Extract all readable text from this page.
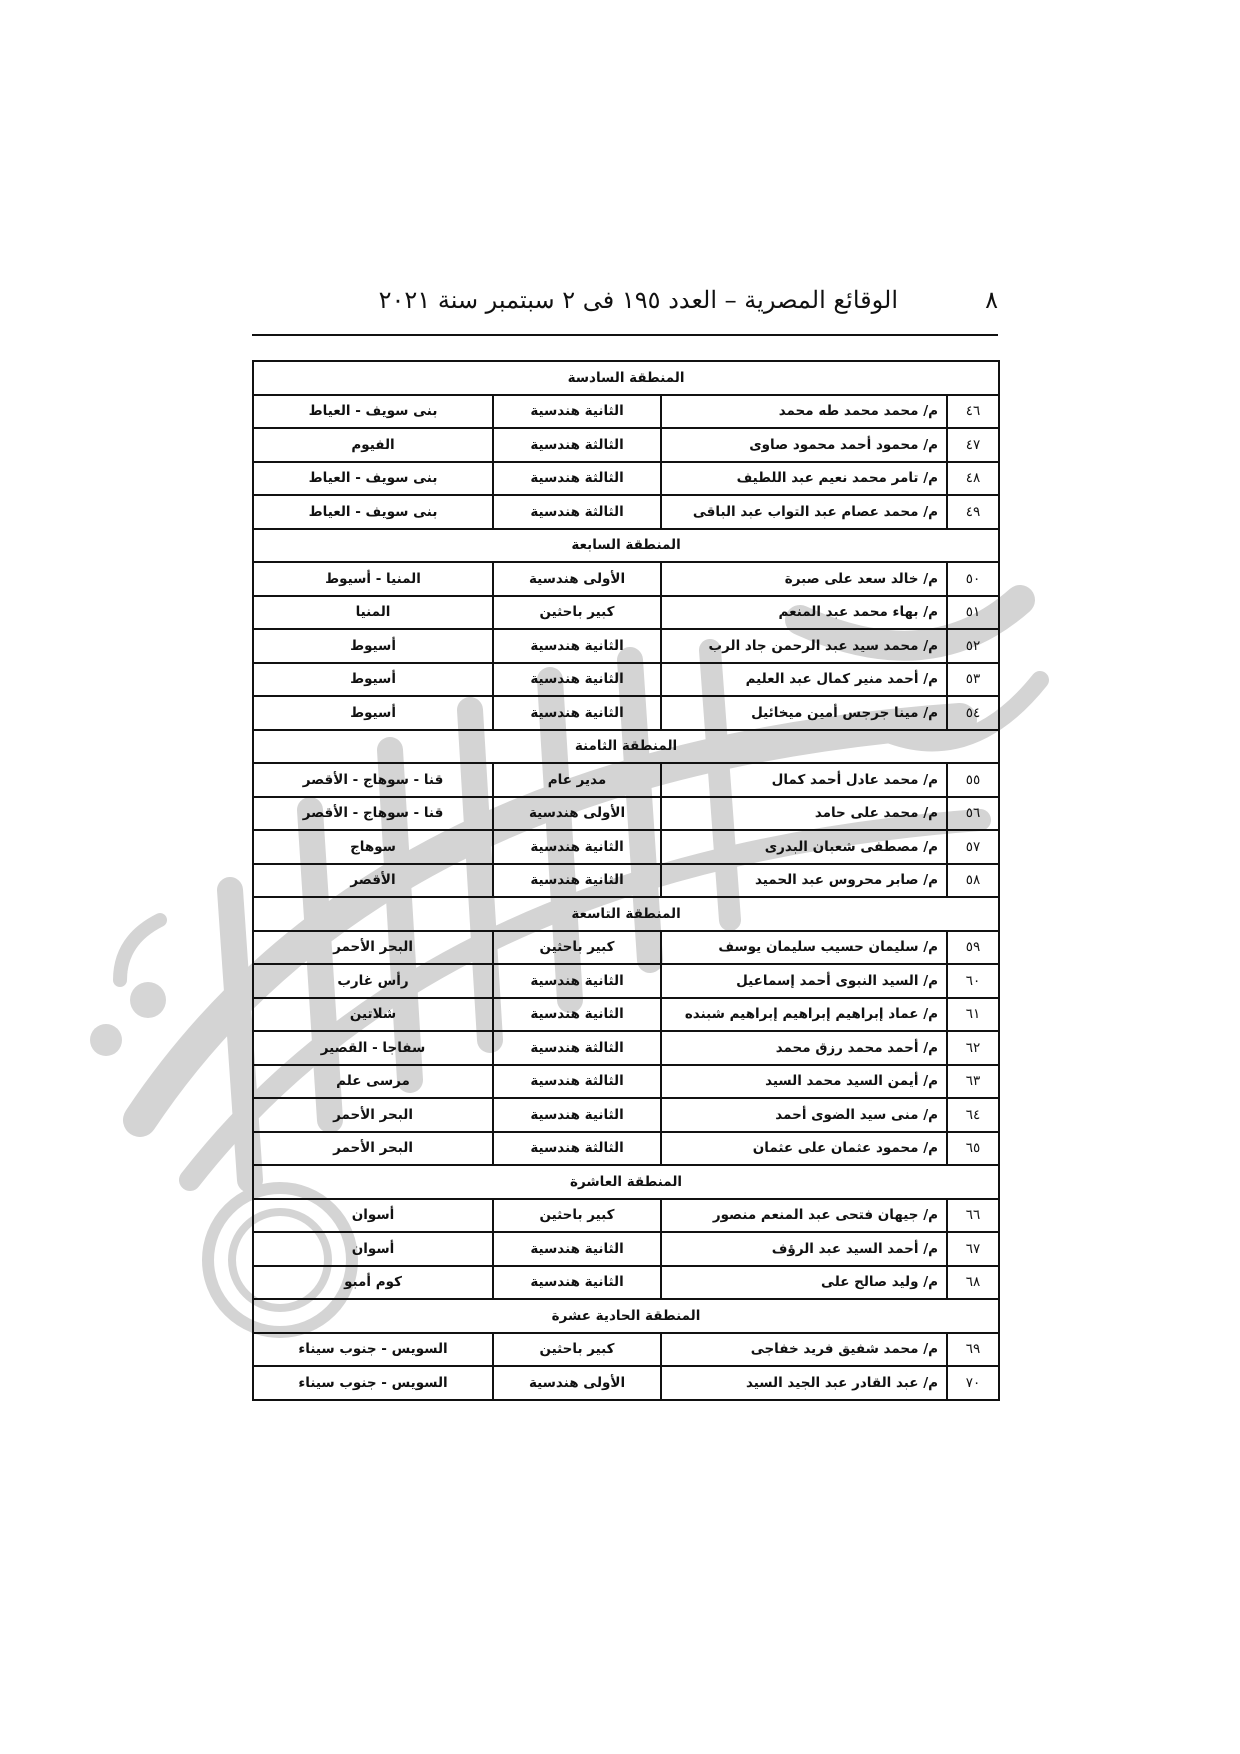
٨
الوقائع المصرية – العدد ١٩٥ فى ٢ سبتمبر سنة ٢٠٢١
المنطقة السادسة			
٤٦	م/ محمد محمد طه محمد	الثانية هندسية	بنى سويف - العياط
٤٧	م/ محمود أحمد محمود صاوى	الثالثة هندسية	الفيوم
٤٨	م/ تامر محمد نعيم عبد اللطيف	الثالثة هندسية	بنى سويف - العياط
٤٩	م/ محمد عصام عبد التواب عبد الباقى	الثالثة هندسية	بنى سويف - العياط
المنطقة السابعة			
٥٠	م/ خالد سعد على صبرة	الأولى هندسية	المنيا - أسيوط
٥١	م/ بهاء محمد عبد المنعم	كبير باحثين	المنيا
٥٢	م/ محمد سيد عبد الرحمن جاد الرب	الثانية هندسية	أسيوط
٥٣	م/ أحمد منير كمال عبد العليم	الثانية هندسية	أسيوط
٥٤	م/ مينا جرجس أمين ميخائيل	الثانية هندسية	أسيوط
المنطقة الثامنة			
٥٥	م/ محمد عادل أحمد كمال	مدير عام	قنا - سوهاج - الأقصر
٥٦	م/ محمد على حامد	الأولى هندسية	قنا - سوهاج - الأقصر
٥٧	م/ مصطفى شعبان البدرى	الثانية هندسية	سوهاج
٥٨	م/ صابر محروس عبد الحميد	الثانية هندسية	الأقصر
المنطقة التاسعة			
٥٩	م/ سليمان حسيب سليمان يوسف	كبير باحثين	البحر الأحمر
٦٠	م/ السيد النبوى أحمد إسماعيل	الثانية هندسية	رأس غارب
٦١	م/ عماد إبراهيم إبراهيم إبراهيم شبنده	الثانية هندسية	شلاتين
٦٢	م/ أحمد محمد رزق محمد	الثالثة هندسية	سفاجا - القصير
٦٣	م/ أيمن السيد محمد السيد	الثالثة هندسية	مرسى علم
٦٤	م/ منى سيد الضوى أحمد	الثانية هندسية	البحر الأحمر
٦٥	م/ محمود عثمان على عثمان	الثالثة هندسية	البحر الأحمر
المنطقة العاشرة			
٦٦	م/ جيهان فتحى عبد المنعم منصور	كبير باحثين	أسوان
٦٧	م/ أحمد السيد عبد الرؤف	الثانية هندسية	أسوان
٦٨	م/ وليد صالح على	الثانية هندسية	كوم أمبو
المنطقة الحادية عشرة			
٦٩	م/ محمد شفيق فريد خفاجى	كبير باحثين	السويس - جنوب سيناء
٧٠	م/ عبد القادر عبد الجيد السيد	الأولى هندسية	السويس - جنوب سيناء
